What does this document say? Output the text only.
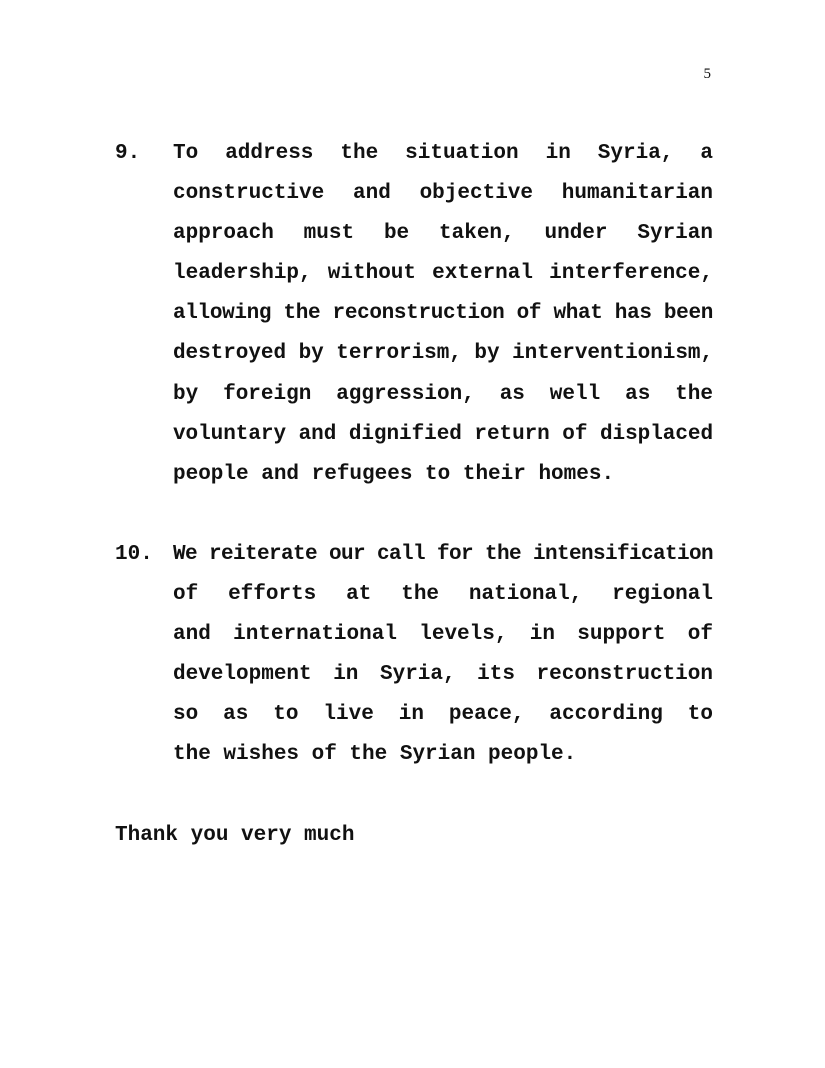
5
9. To address the situation in Syria, a
constructive and objective humanitarian
approach must be taken, under Syrian
leadership, without external interference,
allowing the reconstruction of what has been
destroyed by terrorism, by interventionism,
by foreign aggression, as well as the
voluntary and dignified return of displaced
people and refugees to their homes.
10. We reiterate our call for the intensification
of efforts at the national, regional
and international levels, in support of
development in Syria, its reconstruction
so as to live in peace, according to
the wishes of the Syrian people.
Thank you very much
